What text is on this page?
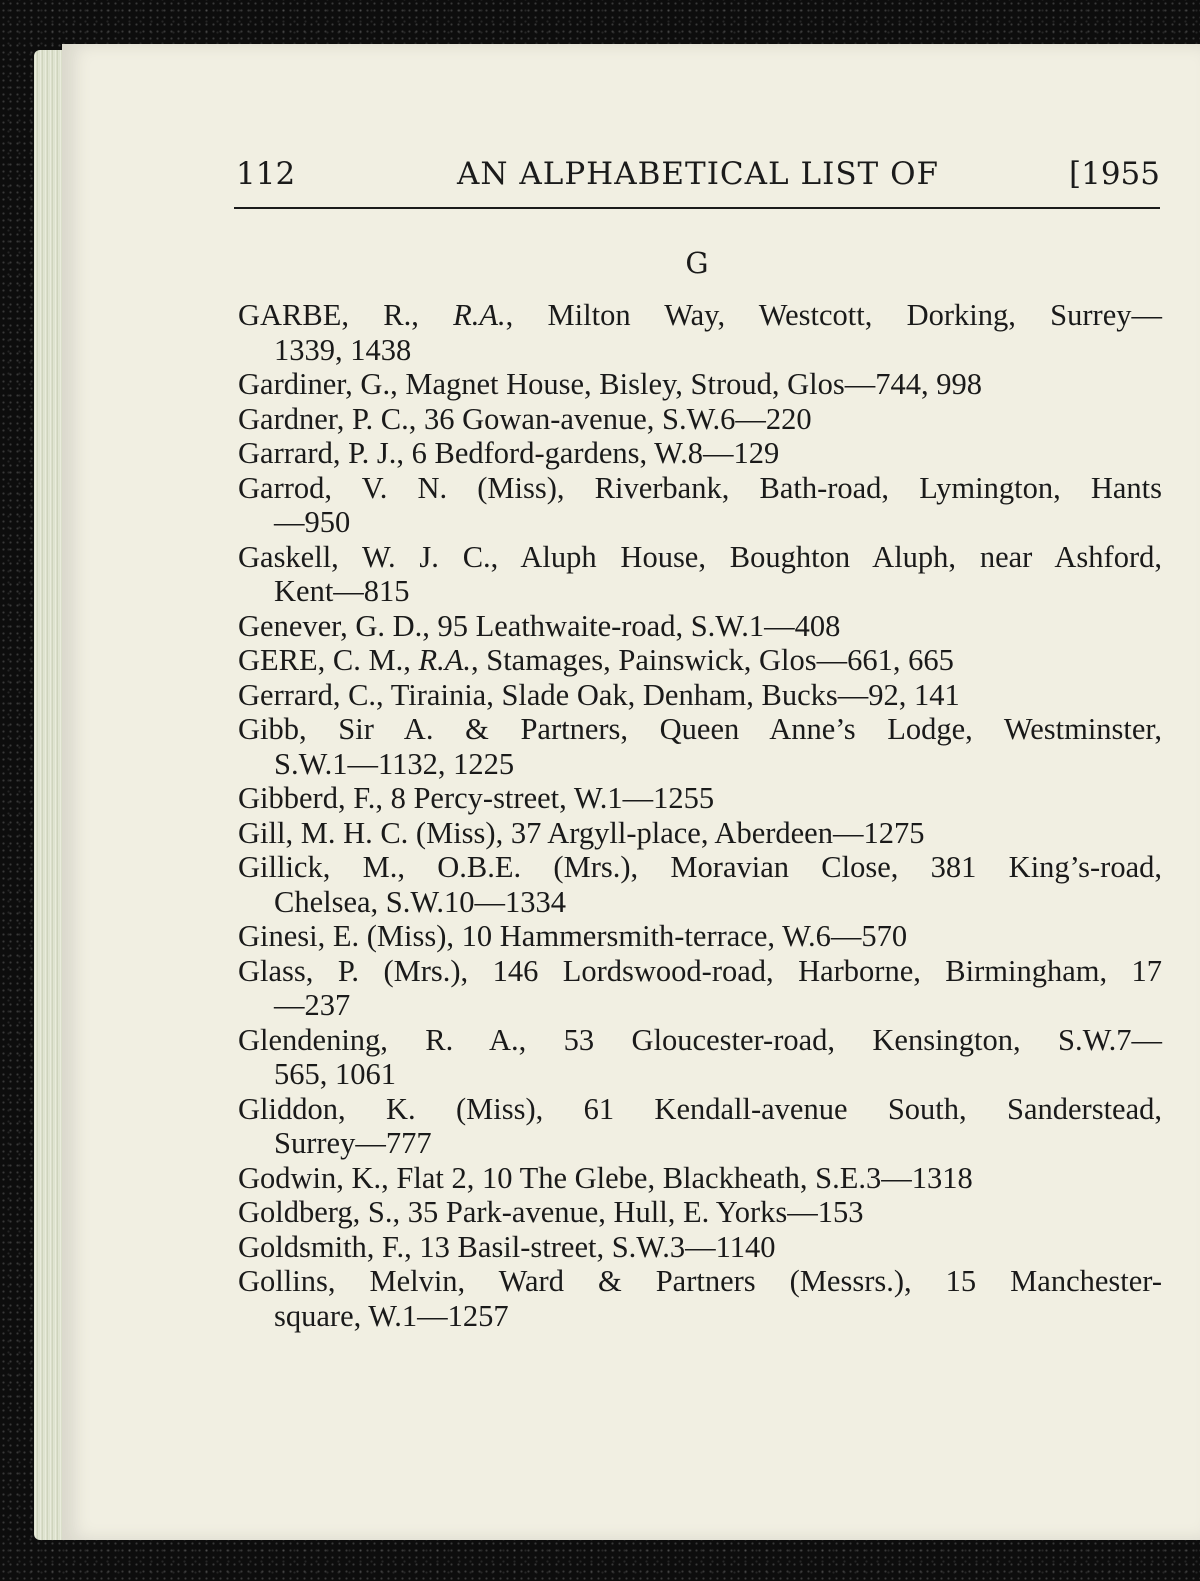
112	AN ALPHABETICAL LIST OF	[1955
G

GARBE, R., R.A., Milton Way, Westcott, Dorking, Surrey—
1339, 1438

Gardiner, G., Magnet House, Bisley, Stroud, Glos—744, 998

Gardner, P. C., 36 Gowan-avenue, S.W.6—220

Garrard, P. J., 6 Bedford-gardens, W.8—129

Garrod, V. N. (Miss), Riverbank, Bath-road, Lymington, Hants
—950

Gaskell, W. J. C., Aluph House, Boughton Aluph, near Ashford,
Kent—815

Genever, G. D., 95 Leathwaite-road, S.W.1—408

GERE, C. M., R.A., Stamages, Painswick, Glos—661, 665

Gerrard, C., Tirainia, Slade Oak, Denham, Bucks—92, 141

Gibb, Sir A. & Partners, Queen Anne’s Lodge, Westminster,
S.W.1—1132, 1225

Gibberd, F., 8 Percy-street, W.1—1255

Gill, M. H. C. (Miss), 37 Argyll-place, Aberdeen—1275

Gillick, M., O.B.E. (Mrs.), Moravian Close, 381 King’s-road,
Chelsea, S.W.10—1334

Ginesi, E. (Miss), 10 Hammersmith-terrace, W.6—570

Glass, P. (Mrs.), 146 Lordswood-road, Harborne, Birmingham, 17
—237

Glendening, R. A., 53 Gloucester-road, Kensington, S.W.7—
565, 1061

Gliddon, K. (Miss), 61 Kendall-avenue South, Sanderstead,
Surrey—777

Godwin, K., Flat 2, 10 The Glebe, Blackheath, S.E.3—1318

Goldberg, S., 35 Park-avenue, Hull, E. Yorks—153

Goldsmith, F., 13 Basil-street, S.W.3—1140

Gollins, Melvin, Ward & Partners (Messrs.), 15 Manchester-
square, W.1—1257
